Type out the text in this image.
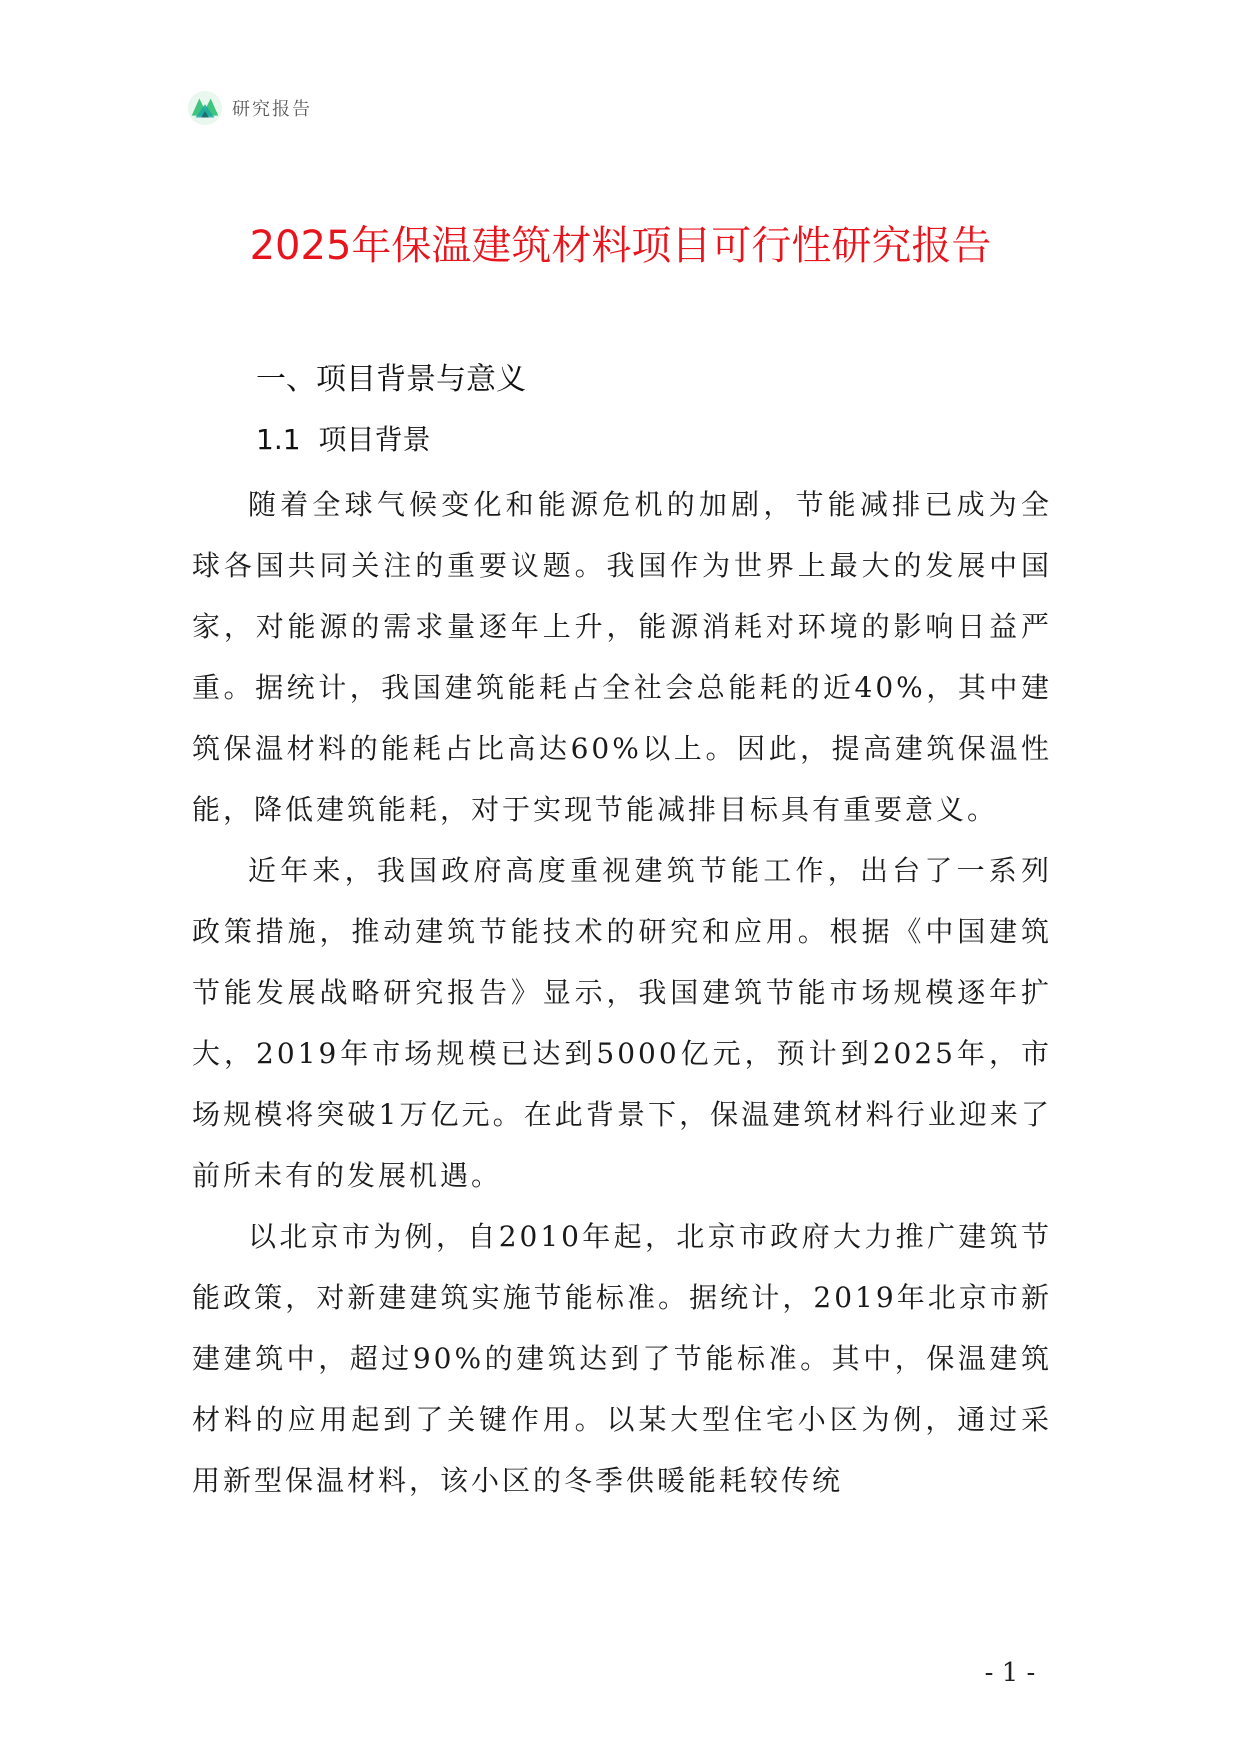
研究报告
2025年保温建筑材料项目可行性研究报告
一、项目背景与意义
1.1 项目背景

随着全球气候变化和能源危机的加剧，节能减排已成为全球各国共同关注的重要议题。我国作为世界上最大的发展中国家，对能源的需求量逐年上升，能源消耗对环境的影响日益严重。据统计，我国建筑能耗占全社会总能耗的近40%，其中建筑保温材料的能耗占比高达60%以上。因此，提高建筑保温性能，降低建筑能耗，对于实现节能减排目标具有重要意义。

近年来，我国政府高度重视建筑节能工作，出台了一系列政策措施，推动建筑节能技术的研究和应用。根据《中国建筑节能发展战略研究报告》显示，我国建筑节能市场规模逐年扩大，2019年市场规模已达到5000亿元，预计到2025年，市场规模将突破1万亿元。在此背景下，保温建筑材料行业迎来了前所未有的发展机遇。

以北京市为例，自2010年起，北京市政府大力推广建筑节能政策，对新建建筑实施节能标准。据统计，2019年北京市新建建筑中，超过90%的建筑达到了节能标准。其中，保温建筑材料的应用起到了关键作用。以某大型住宅小区为例，通过采用新型保温材料，该小区的冬季供暖能耗较传统

- 1 -
